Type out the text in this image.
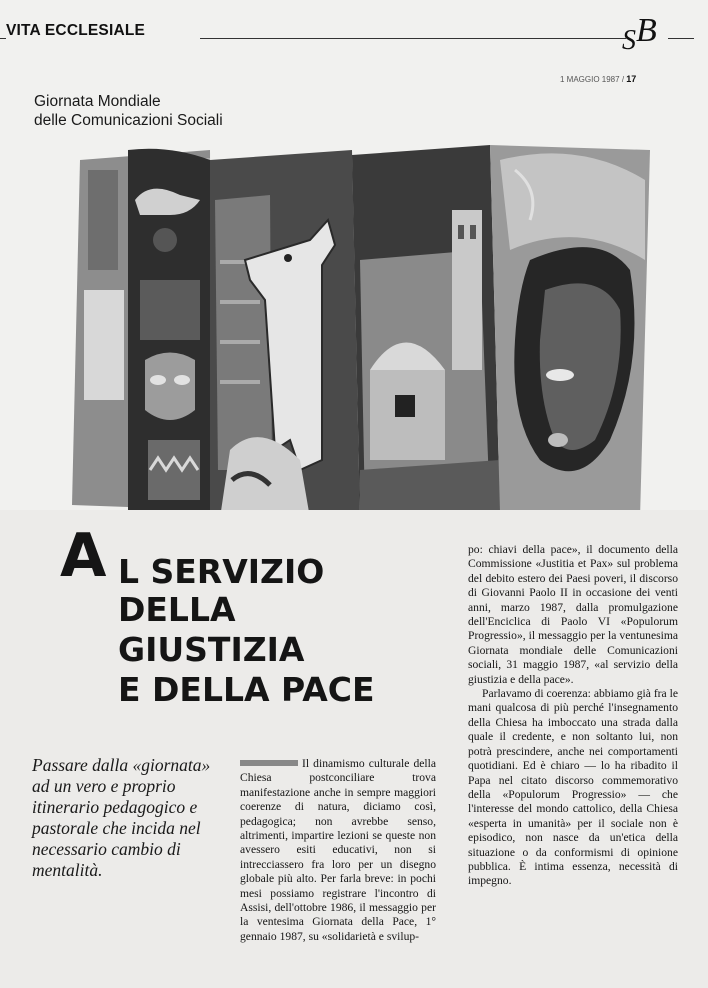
VITA ECCLESIALE	$_S$B
1 MAGGIO 1987 / 17
Giornata Mondiale
delle Comunicazioni Sociali
A L SERVIZIO
DELLA
GIUSTIZIA
E DELLA PACE
Passare dalla «giornata» ad un vero e proprio itinerario pedagogico e pastorale che incida nel necessario cambio di mentalità.

Il dinamismo culturale della Chiesa postconciliare trova manifestazione anche in sempre maggiori coerenze di natura, diciamo così, pedagogica; non avrebbe senso, altrimenti, impartire lezioni se queste non avessero esiti educativi, non si intrecciassero fra loro per un disegno globale più alto. Per farla breve: in pochi mesi possiamo registrare l'incontro di Assisi, dell'ottobre 1986, il messaggio per la ventesima Giornata della Pace, 1° gennaio 1987, su «solidarietà e svilup-

po: chiavi della pace», il documento della Commissione «Justitia et Pax» sul problema del debito estero dei Paesi poveri, il discorso di Giovanni Paolo II in occasione dei venti anni, marzo 1987, dalla promulgazione dell'Enciclica di Paolo VI «Populorum Progressio», il messaggio per la ventunesima Giornata mondiale delle Comunicazioni sociali, 31 maggio 1987, «al servizio della giustizia e della pace».

Parlavamo di coerenza: abbiamo già fra le mani qualcosa di più perché l'insegnamento della Chiesa ha imboccato una strada dalla quale il credente, e non soltanto lui, non potrà prescindere, anche nei comportamenti quotidiani. Ed è chiaro — lo ha ribadito il Papa nel citato discorso commemorativo della «Populorum Progressio» — che l'interesse del mondo cattolico, della Chiesa «esperta in umanità» per il sociale non è episodico, non nasce da un'etica della situazione o da conformismi di opinione pubblica. È intima essenza, necessità di impegno.
